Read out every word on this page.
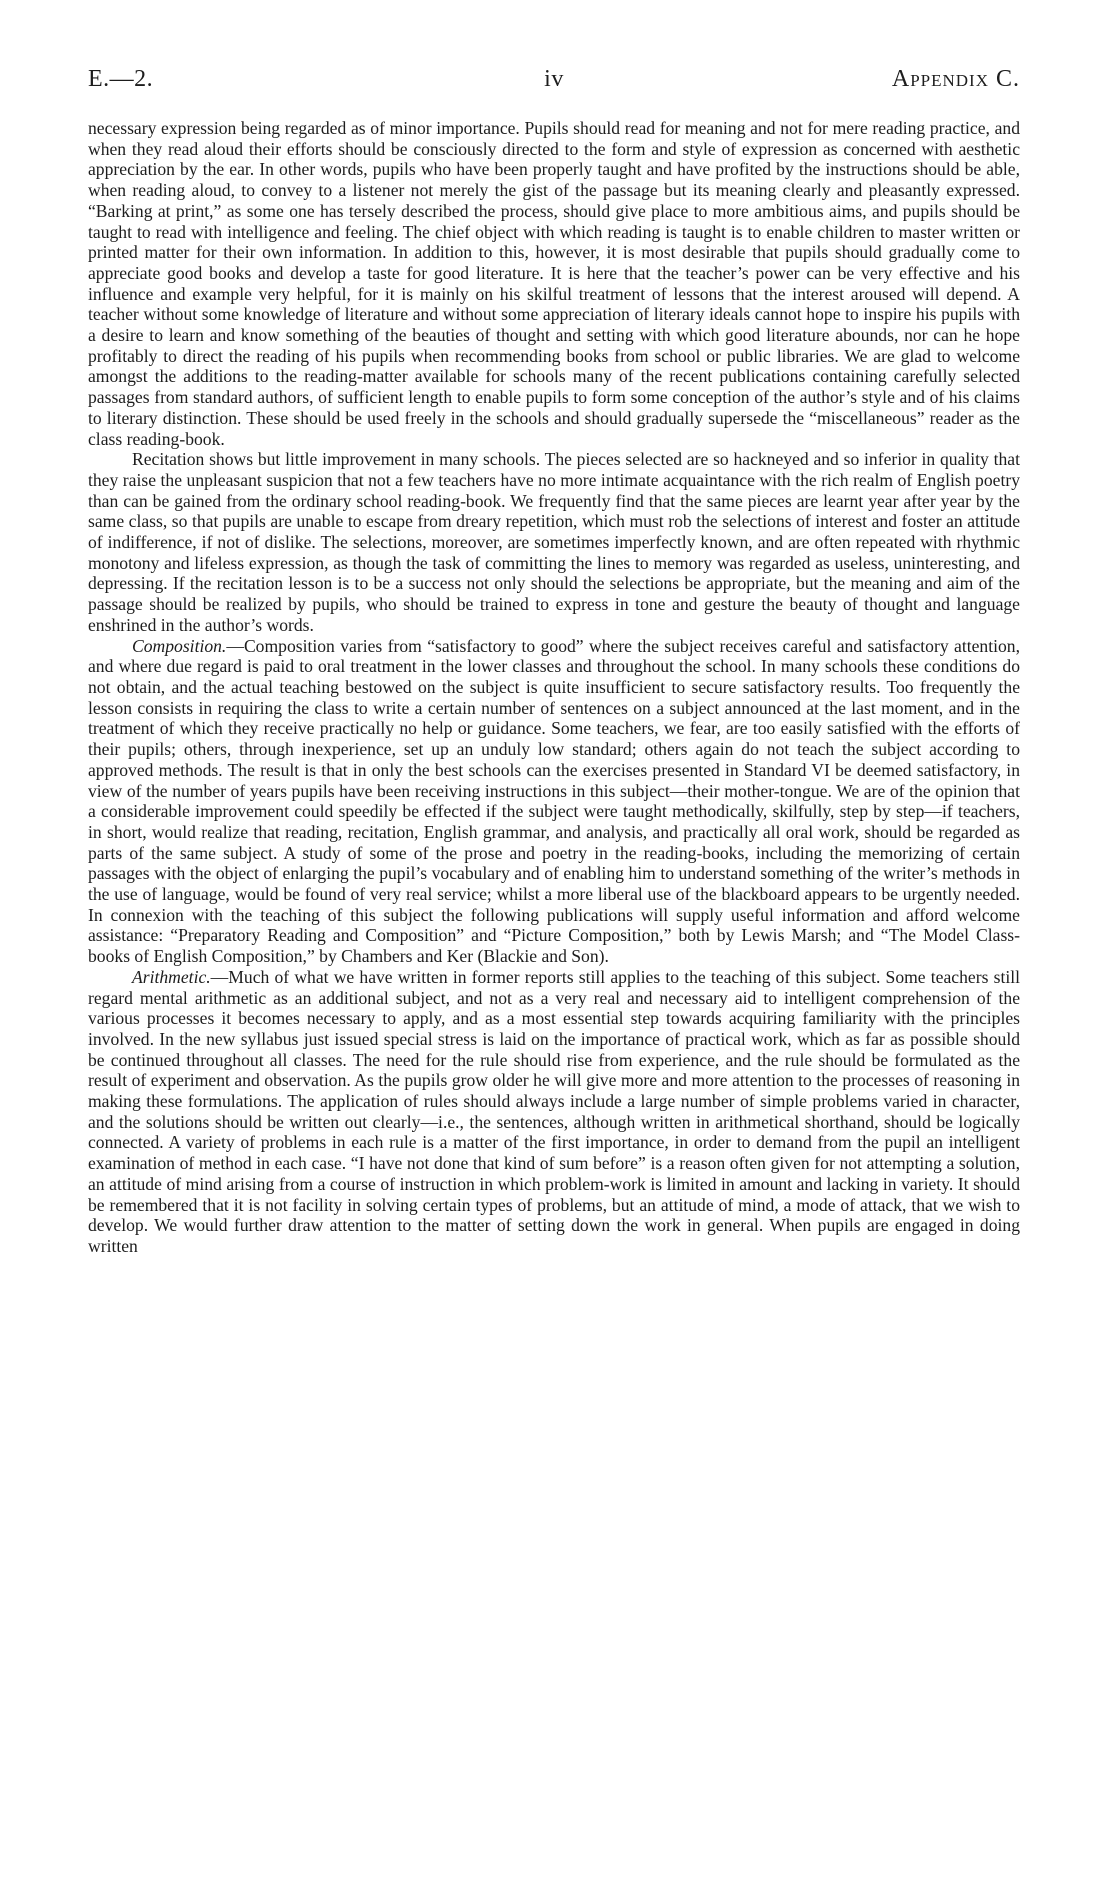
E.—2.	iv	Appendix C.

necessary expression being regarded as of minor importance. Pupils should read for meaning and not for mere reading practice, and when they read aloud their efforts should be consciously directed to the form and style of expression as concerned with aesthetic appreciation by the ear. In other words, pupils who have been properly taught and have profited by the instructions should be able, when reading aloud, to convey to a listener not merely the gist of the passage but its meaning clearly and pleasantly expressed. “Barking at print,” as some one has tersely described the process, should give place to more ambitious aims, and pupils should be taught to read with intelligence and feeling. The chief object with which reading is taught is to enable children to master written or printed matter for their own information. In addition to this, however, it is most desirable that pupils should gradually come to appreciate good books and develop a taste for good literature. It is here that the teacher’s power can be very effective and his influence and example very helpful, for it is mainly on his skilful treatment of lessons that the interest aroused will depend. A teacher without some knowledge of literature and without some appreciation of literary ideals cannot hope to inspire his pupils with a desire to learn and know something of the beauties of thought and setting with which good literature abounds, nor can he hope profitably to direct the reading of his pupils when recommending books from school or public libraries. We are glad to welcome amongst the additions to the reading-matter available for schools many of the recent publications containing carefully selected passages from standard authors, of sufficient length to enable pupils to form some conception of the author’s style and of his claims to literary distinction. These should be used freely in the schools and should gradually supersede the “miscellaneous” reader as the class reading-book.

Recitation shows but little improvement in many schools. The pieces selected are so hackneyed and so inferior in quality that they raise the unpleasant suspicion that not a few teachers have no more intimate acquaintance with the rich realm of English poetry than can be gained from the ordinary school reading-book. We frequently find that the same pieces are learnt year after year by the same class, so that pupils are unable to escape from dreary repetition, which must rob the selections of interest and foster an attitude of indifference, if not of dislike. The selections, moreover, are sometimes imperfectly known, and are often repeated with rhythmic monotony and lifeless expression, as though the task of committing the lines to memory was regarded as useless, uninteresting, and depressing. If the recitation lesson is to be a success not only should the selections be appropriate, but the meaning and aim of the passage should be realized by pupils, who should be trained to express in tone and gesture the beauty of thought and language enshrined in the author’s words.

Composition.—Composition varies from “satisfactory to good” where the subject receives careful and satisfactory attention, and where due regard is paid to oral treatment in the lower classes and throughout the school. In many schools these conditions do not obtain, and the actual teaching bestowed on the subject is quite insufficient to secure satisfactory results. Too frequently the lesson consists in requiring the class to write a certain number of sentences on a subject announced at the last moment, and in the treatment of which they receive practically no help or guidance. Some teachers, we fear, are too easily satisfied with the efforts of their pupils; others, through inexperience, set up an unduly low standard; others again do not teach the subject according to approved methods. The result is that in only the best schools can the exercises presented in Standard VI be deemed satisfactory, in view of the number of years pupils have been receiving instructions in this subject—their mother-tongue. We are of the opinion that a considerable improvement could speedily be effected if the subject were taught methodically, skilfully, step by step—if teachers, in short, would realize that reading, recitation, English grammar, and analysis, and practically all oral work, should be regarded as parts of the same subject. A study of some of the prose and poetry in the reading-books, including the memorizing of certain passages with the object of enlarging the pupil’s vocabulary and of enabling him to understand something of the writer’s methods in the use of language, would be found of very real service; whilst a more liberal use of the blackboard appears to be urgently needed. In connexion with the teaching of this subject the following publications will supply useful information and afford welcome assistance: “Preparatory Reading and Composition” and “Picture Composition,” both by Lewis Marsh; and “The Model Class-books of English Composition,” by Chambers and Ker (Blackie and Son).

Arithmetic.—Much of what we have written in former reports still applies to the teaching of this subject. Some teachers still regard mental arithmetic as an additional subject, and not as a very real and necessary aid to intelligent comprehension of the various processes it becomes necessary to apply, and as a most essential step towards acquiring familiarity with the principles involved. In the new syllabus just issued special stress is laid on the importance of practical work, which as far as possible should be continued throughout all classes. The need for the rule should rise from experience, and the rule should be formulated as the result of experiment and observation. As the pupils grow older he will give more and more attention to the processes of reasoning in making these formulations. The application of rules should always include a large number of simple problems varied in character, and the solutions should be written out clearly—i.e., the sentences, although written in arithmetical shorthand, should be logically connected. A variety of problems in each rule is a matter of the first importance, in order to demand from the pupil an intelligent examination of method in each case. “I have not done that kind of sum before” is a reason often given for not attempting a solution, an attitude of mind arising from a course of instruction in which problem-work is limited in amount and lacking in variety. It should be remembered that it is not facility in solving certain types of problems, but an attitude of mind, a mode of attack, that we wish to develop. We would further draw attention to the matter of setting down the work in general. When pupils are engaged in doing written
